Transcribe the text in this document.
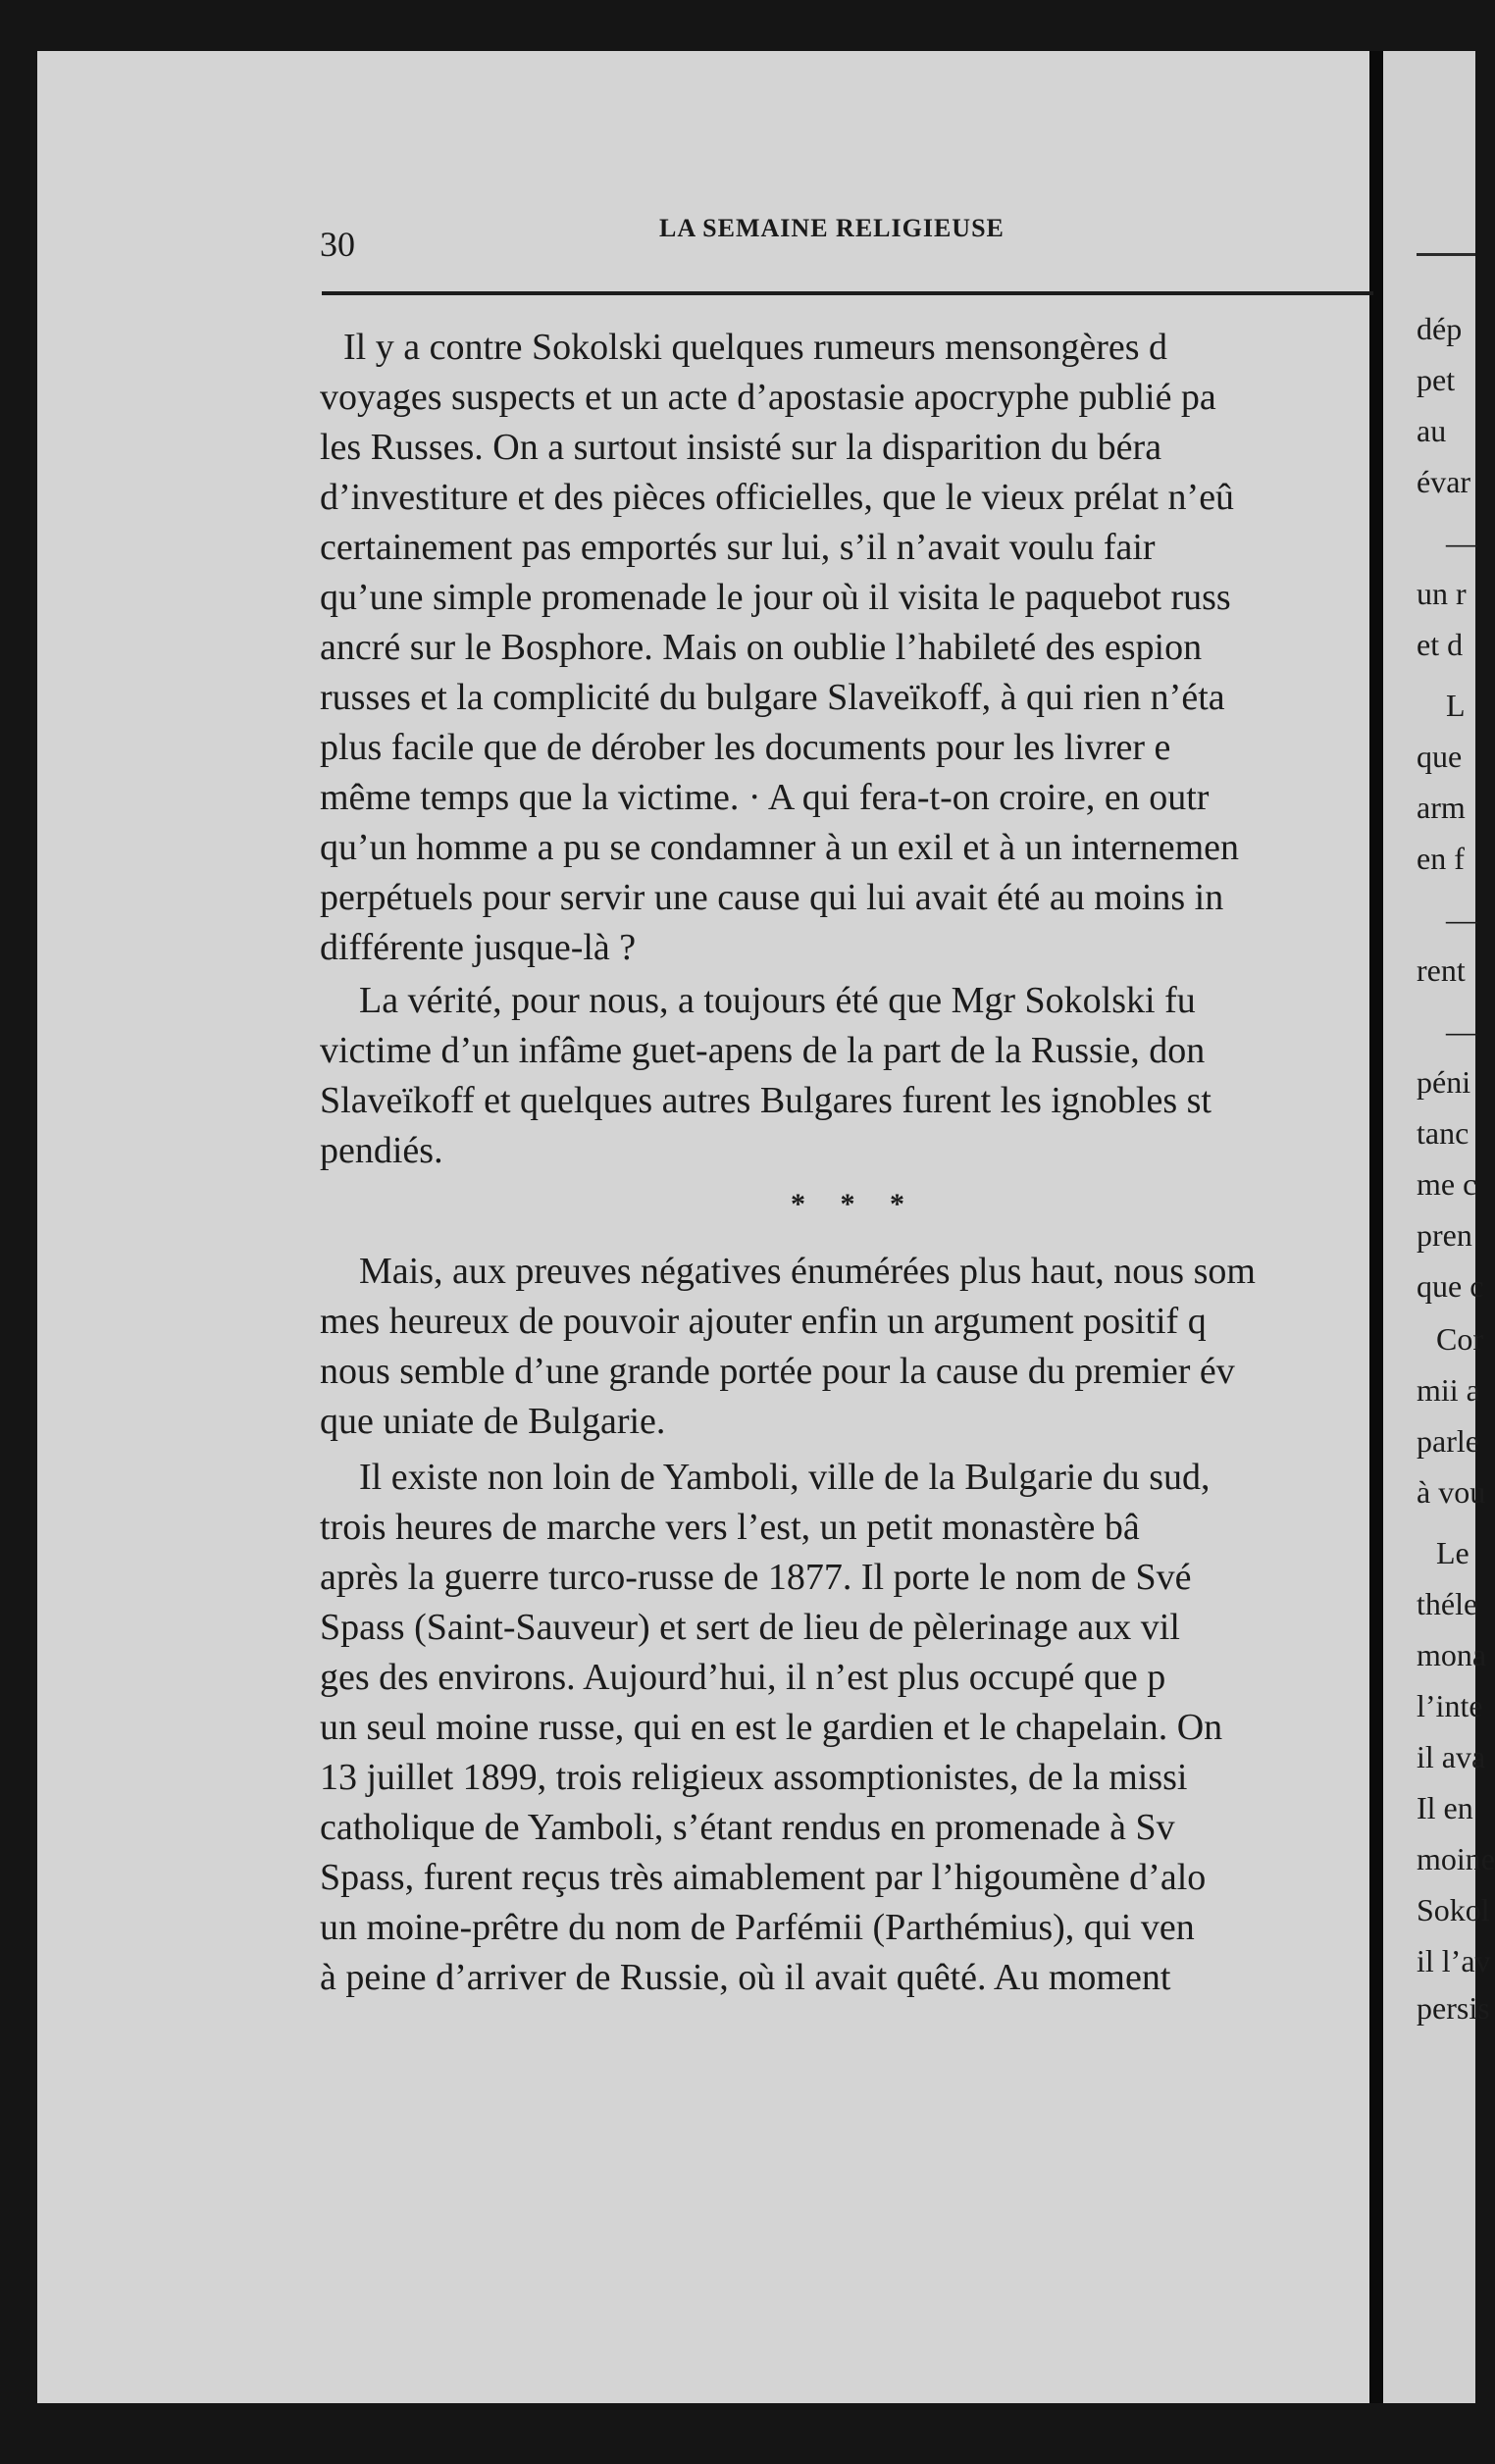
30	LA SEMAINE RELIGIEUSE
Il y a contre Sokolski quelques rumeurs mensongères d
voyages suspects et un acte d’apostasie apocryphe publié pa
les Russes. On a surtout insisté sur la disparition du béra
d’investiture et des pièces officielles, que le vieux prélat n’eû
certainement pas emportés sur lui, s’il n’avait voulu fair
qu’une simple promenade le jour où il visita le paquebot russ
ancré sur le Bosphore. Mais on oublie l’habileté des espion
russes et la complicité du bulgare Slaveïkoff, à qui rien n’éta
plus facile que de dérober les documents pour les livrer e
même temps que la victime. · A qui fera-t-on croire, en outr
qu’un homme a pu se condamner à un exil et à un internemen
perpétuels pour servir une cause qui lui avait été au moins in
différente jusque-là ?
La vérité, pour nous, a toujours été que Mgr Sokolski fu
victime d’un infâme guet-apens de la part de la Russie, don
Slaveïkoff et quelques autres Bulgares furent les ignobles st
pendiés.
* * *
Mais, aux preuves négatives énumérées plus haut, nous som
mes heureux de pouvoir ajouter enfin un argument positif q
nous semble d’une grande portée pour la cause du premier év
que uniate de Bulgarie.
Il existe non loin de Yamboli, ville de la Bulgarie du sud,
trois heures de marche vers l’est, un petit monastère bâ
après la guerre turco-russe de 1877. Il porte le nom de Své
Spass (Saint-Sauveur) et sert de lieu de pèlerinage aux vil
ges des environs. Aujourd’hui, il n’est plus occupé que p
un seul moine russe, qui en est le gardien et le chapelain. On
13 juillet 1899, trois religieux assomptionistes, de la missi
catholique de Yamboli, s’étant rendus en promenade à Sv
Spass, furent reçus très aimablement par l’higoumène d’alo
un moine-prêtre du nom de Parfémii (Parthémius), qui ven
à peine d’arriver de Russie, où il avait quêté. Au moment
dép
pet
au
évar
—
un r
et d
L
que
arm
en f
—
rent
—
péni
tanc
me c
pren
que c
Cor
mii a
parle
à vou
Le
théle
mona
l’inte
il ava
Il en
moine
Sokol
il l’av
persis
